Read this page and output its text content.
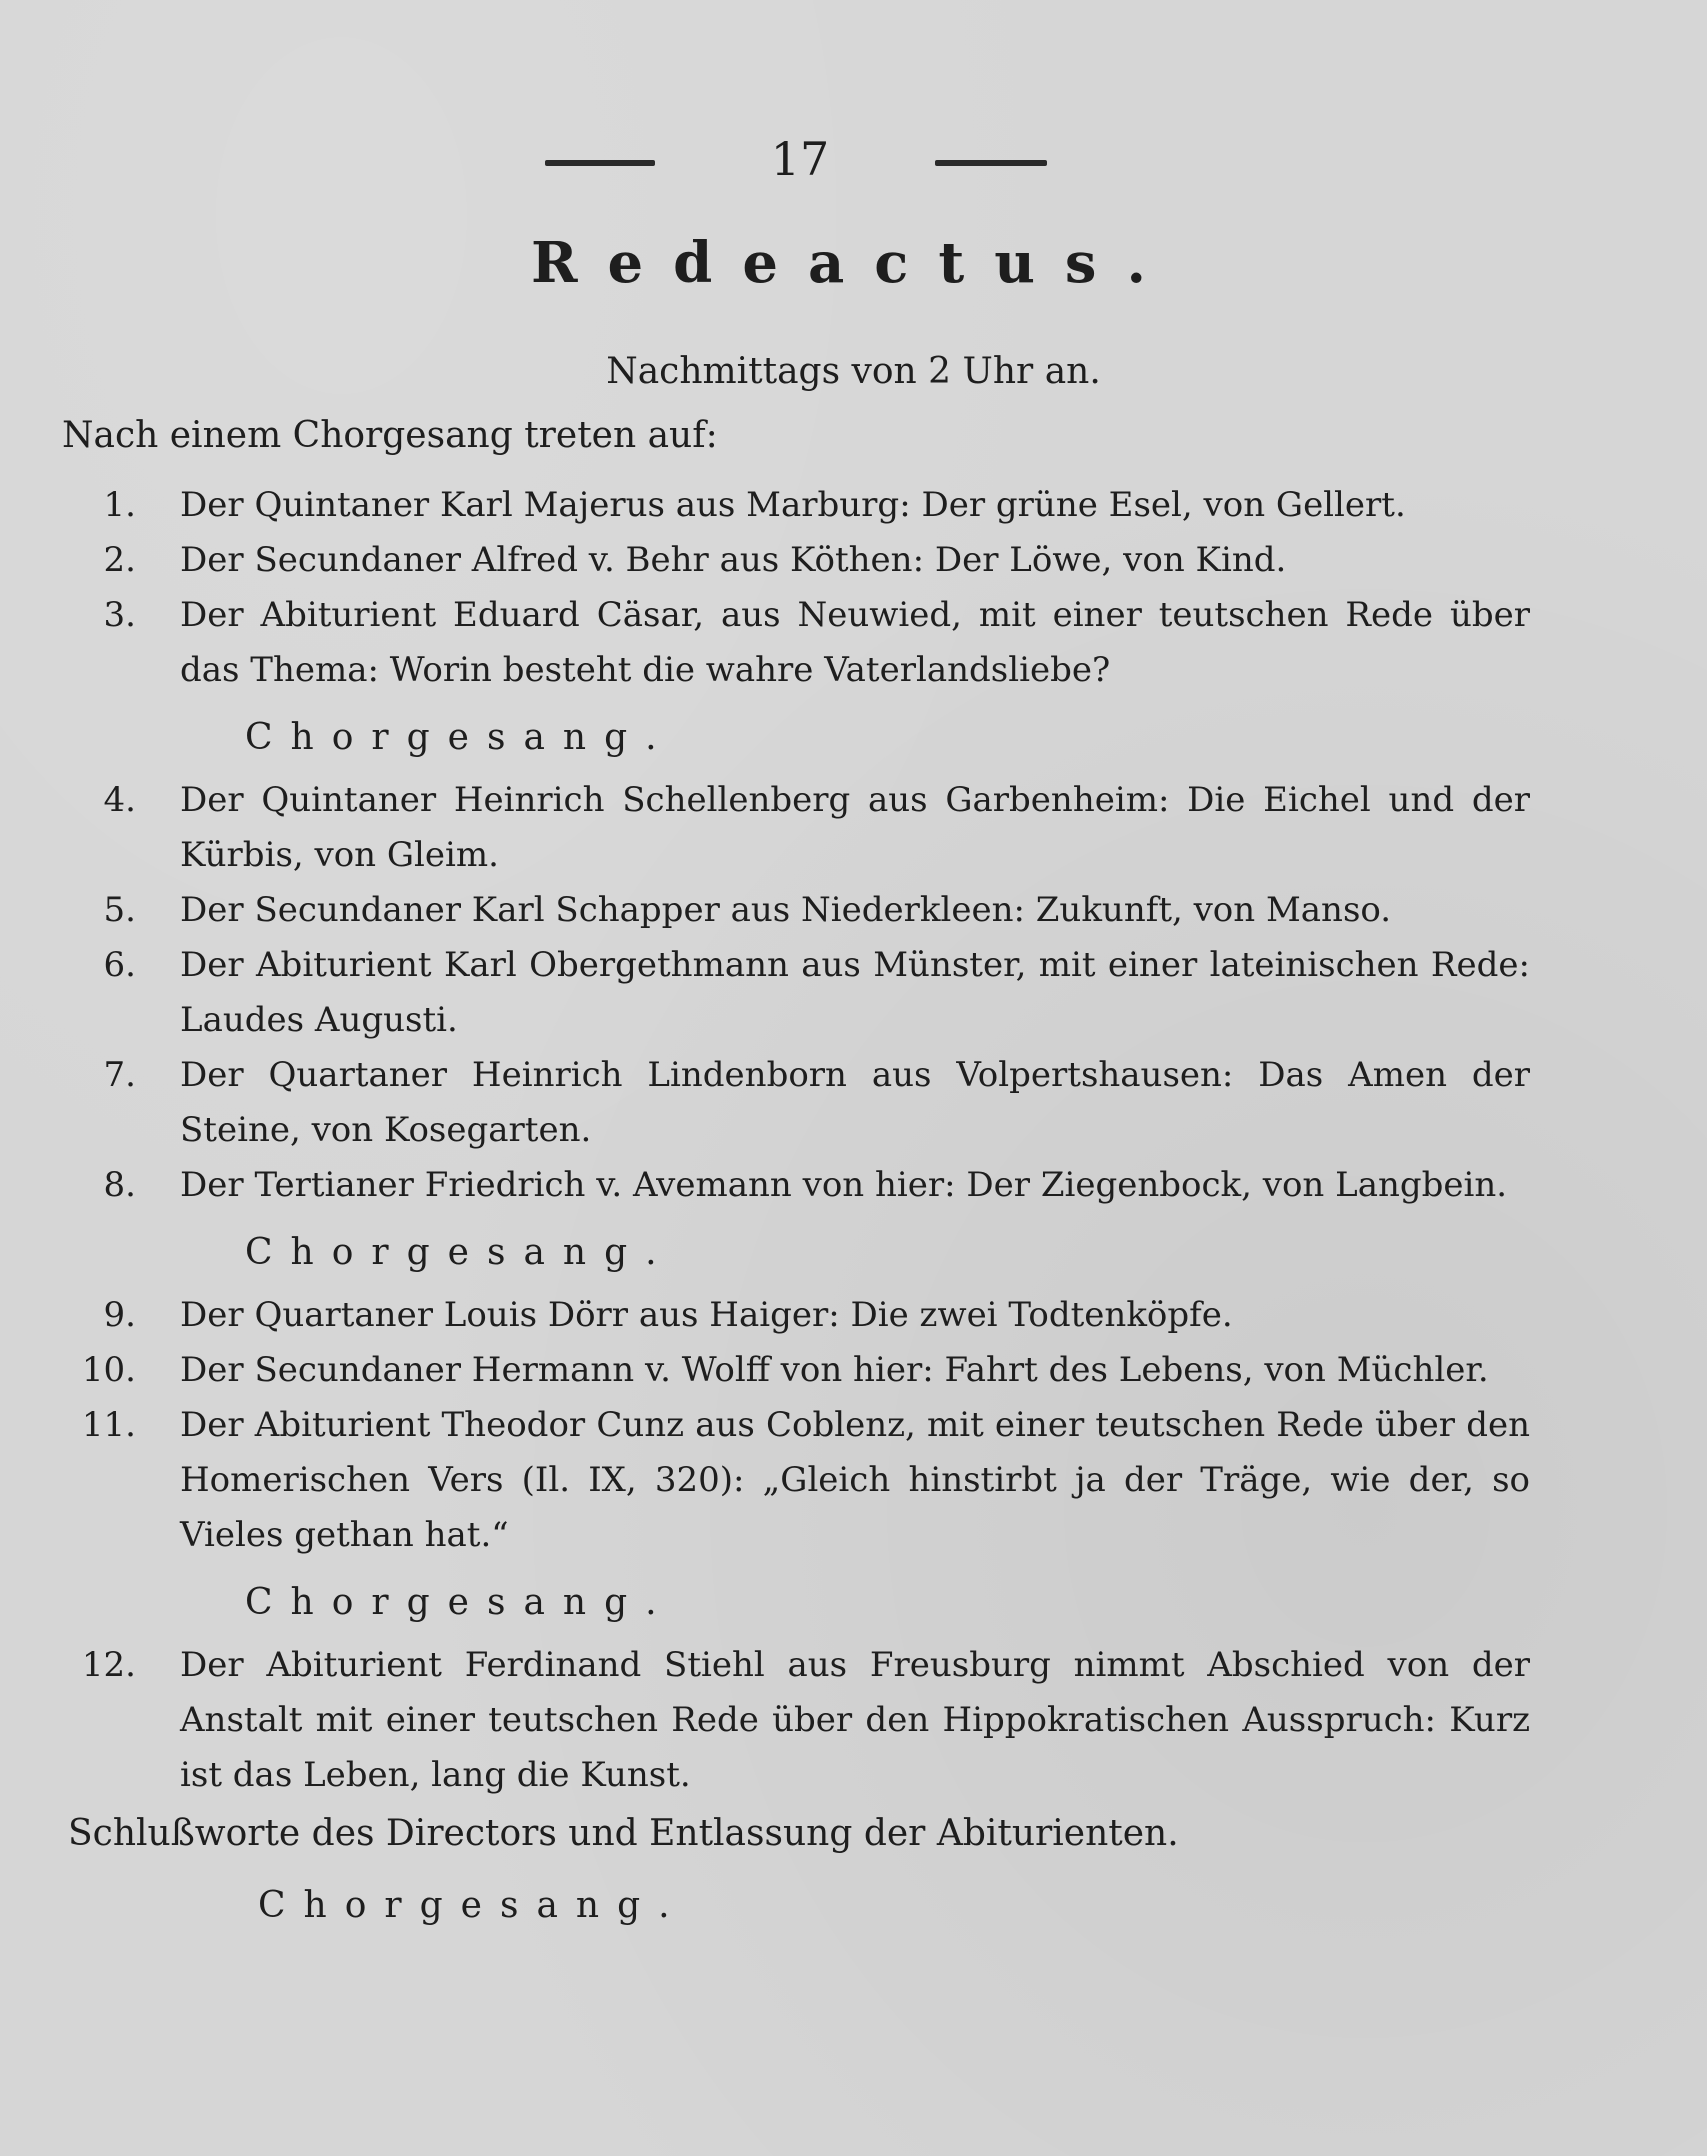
17
Redeactus.
Nachmittags von 2 Uhr an.
Nach einem Chorgesang treten auf:
1. Der Quintaner Karl Majerus aus Marburg: Der grüne Esel, von Gellert.
2. Der Secundaner Alfred v. Behr aus Köthen: Der Löwe, von Kind.
3. Der Abiturient Eduard Cäsar, aus Neuwied, mit einer teutschen Rede über das Thema: Worin besteht die wahre Vaterlandsliebe?
Chorgesang.
4. Der Quintaner Heinrich Schellenberg aus Garbenheim: Die Eichel und der Kürbis, von Gleim.
5. Der Secundaner Karl Schapper aus Niederkleen: Zukunft, von Manso.
6. Der Abiturient Karl Obergethmann aus Münster, mit einer lateinischen Rede: Laudes Augusti.
7. Der Quartaner Heinrich Lindenborn aus Volpertshausen: Das Amen der Steine, von Kosegarten.
8. Der Tertianer Friedrich v. Avemann von hier: Der Ziegenbock, von Langbein.
Chorgesang.
9. Der Quartaner Louis Dörr aus Haiger: Die zwei Todtenköpfe.
10. Der Secundaner Hermann v. Wolff von hier: Fahrt des Lebens, von Müchler.
11. Der Abiturient Theodor Cunz aus Coblenz, mit einer teutschen Rede über den Homerischen Vers (Il. IX, 320): „Gleich hinstirbt ja der Träge, wie der, so Vieles gethan hat.“
Chorgesang.
12. Der Abiturient Ferdinand Stiehl aus Freusburg nimmt Abschied von der Anstalt mit einer teutschen Rede über den Hippokratischen Ausspruch: Kurz ist das Leben, lang die Kunst.
Schlußworte des Directors und Entlassung der Abiturienten.
Chorgesang.
